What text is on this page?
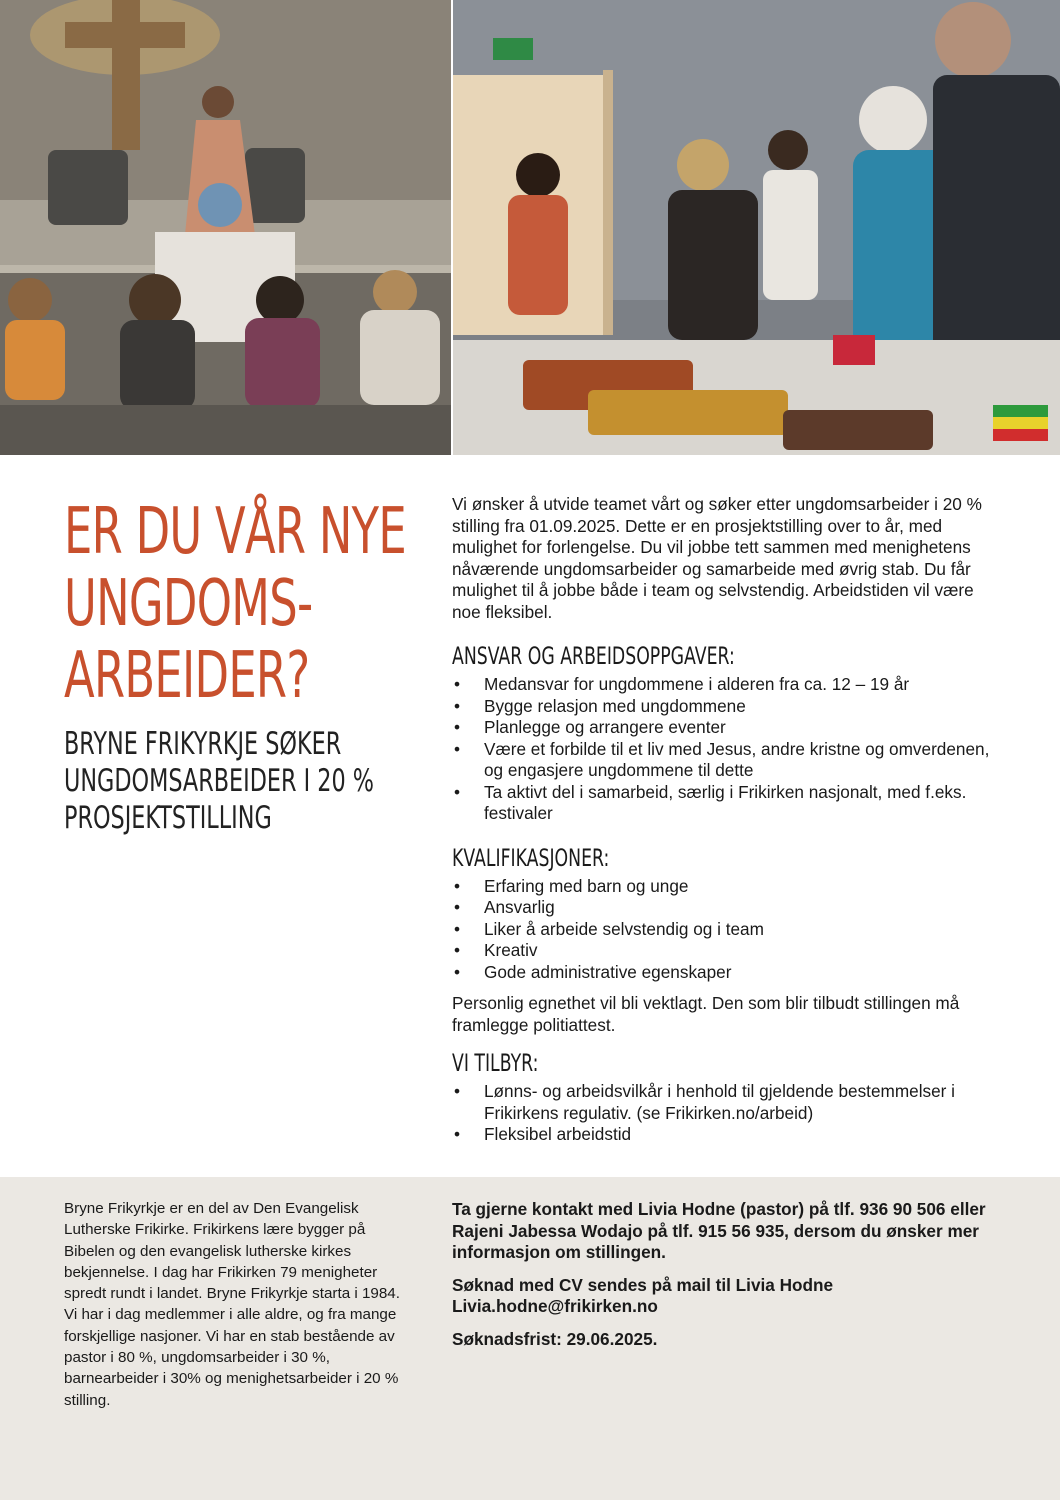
ER DU VÅR NYE
UNGDOMS-
ARBEIDER?
BRYNE FRIKYRKJE SØKER
UNGDOMSARBEIDER I 20 %
PROSJEKTSTILLING

Vi ønsker å utvide teamet vårt og søker etter ungdomsarbeider i 20 % stilling fra 01.09.2025. Dette er en prosjektstilling over to år, med mulighet for forlengelse. Du vil jobbe tett sammen med menighetens nåværende ungdomsarbeider og samarbeide med øvrig stab. Du får mulighet til å jobbe både i team og selvstendig. Arbeidstiden vil være noe fleksibel.

ANSVAR OG ARBEIDSOPPGAVER:
• Medansvar for ungdommene i alderen fra ca. 12 – 19 år
• Bygge relasjon med ungdommene
• Planlegge og arrangere eventer
• Være et forbilde til et liv med Jesus, andre kristne og omverdenen, og engasjere ungdommene til dette
• Ta aktivt del i samarbeid, særlig i Frikirken nasjonalt, med f.eks. festivaler
KVALIFIKASJONER:
• Erfaring med barn og unge
• Ansvarlig
• Liker å arbeide selvstendig og i team
• Kreativ
• Gode administrative egenskaper

Personlig egnethet vil bli vektlagt. Den som blir tilbudt stillingen må framlegge politiattest.

VI TILBYR:
• Lønns- og arbeidsvilkår i henhold til gjeldende bestemmelser i Frikirkens regulativ. (se Frikirken.no/arbeid)
• Fleksibel arbeidstid

Bryne Frikyrkje er en del av Den Evangelisk Lutherske Frikirke. Frikirkens lære bygger på Bibelen og den evangelisk lutherske kirkes bekjennelse. I dag har Frikirken 79 menigheter spredt rundt i landet. Bryne Frikyrkje starta i 1984. Vi har i dag medlemmer i alle aldre, og fra mange forskjellige nasjoner. Vi har en stab bestående av pastor i 80 %, ungdomsarbeider i 30 %, barnearbeider i 30% og menighetsarbeider i 20 % stilling.

Ta gjerne kontakt med Livia Hodne (pastor) på tlf. 936 90 506 eller Rajeni Jabessa Wodajo på tlf. 915 56 935, dersom du ønsker mer informasjon om stillingen.

Søknad med CV sendes på mail til Livia Hodne
Livia.hodne@frikirken.no

Søknadsfrist: 29.06.2025.
